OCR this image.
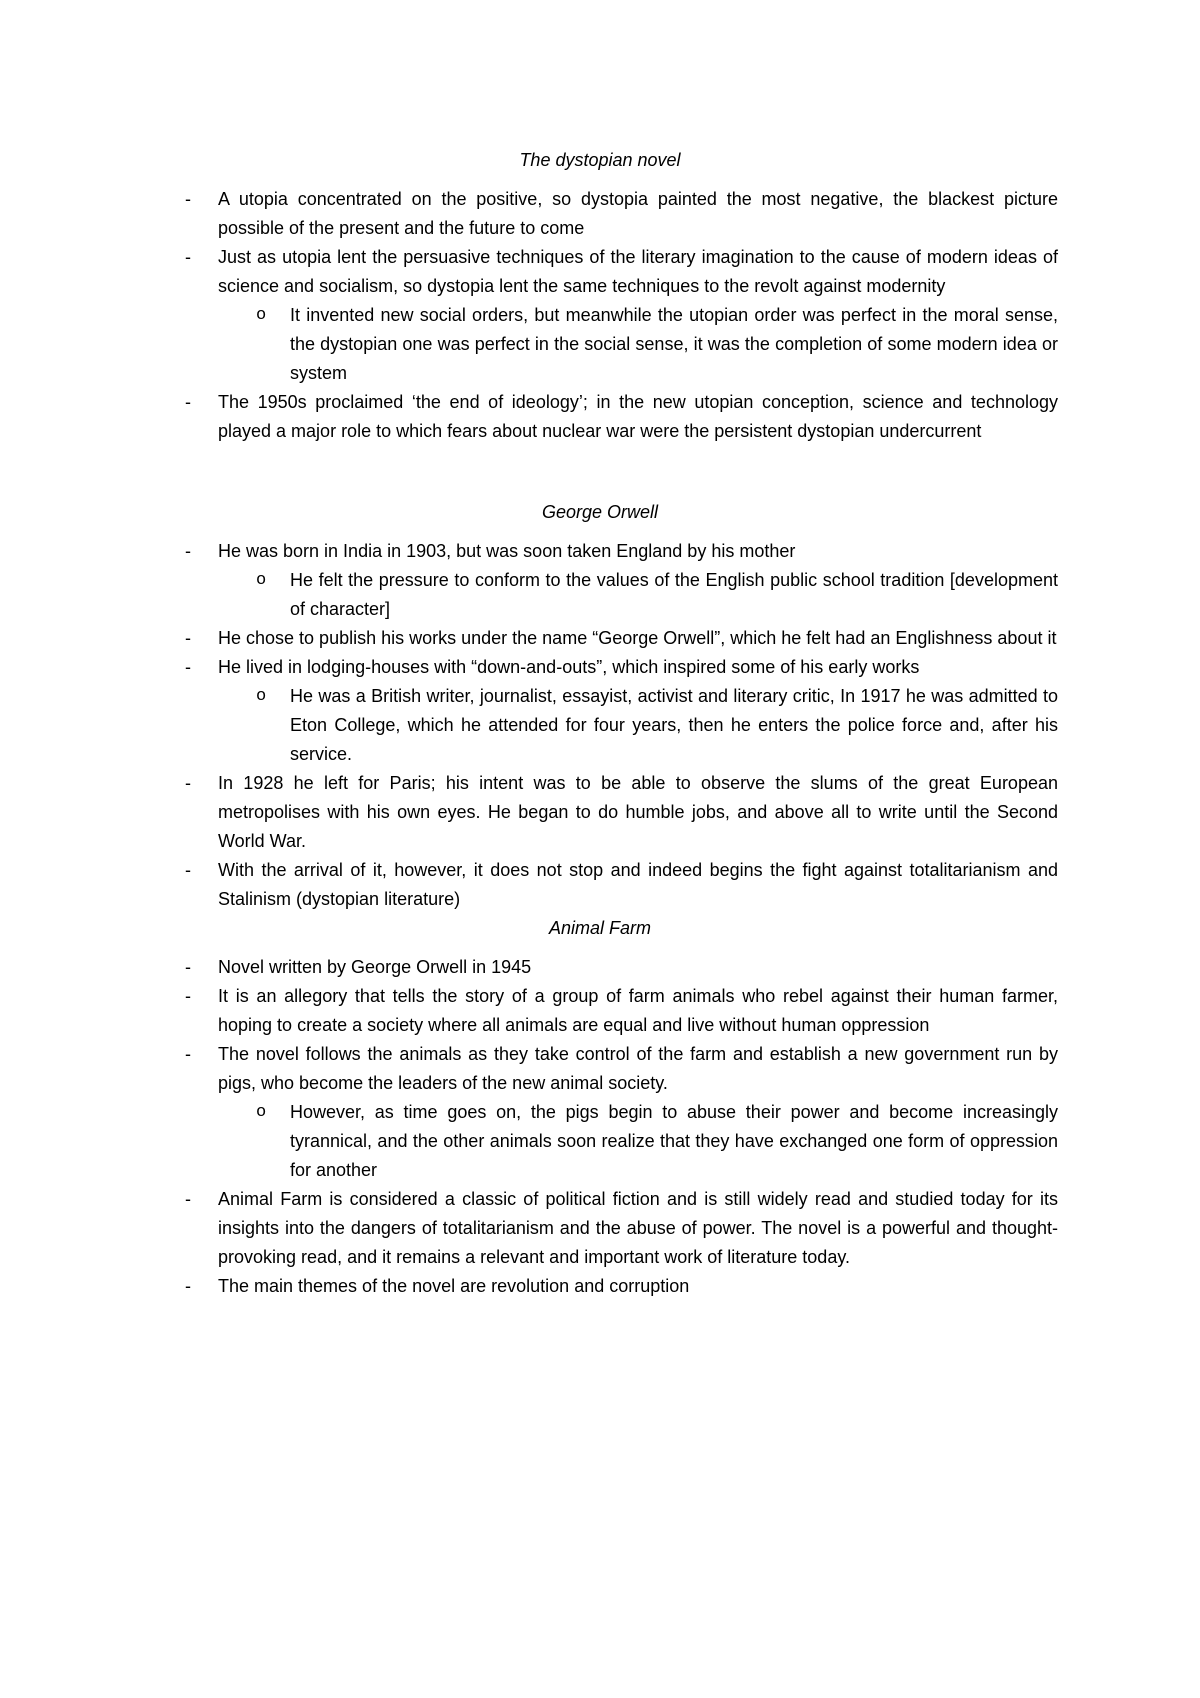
The dystopian novel
- A utopia concentrated on the positive, so dystopia painted the most negative, the blackest picture possible of the present and the future to come
- Just as utopia lent the persuasive techniques of the literary imagination to the cause of modern ideas of science and socialism, so dystopia lent the same techniques to the revolt against modernity
o It invented new social orders, but meanwhile the utopian order was perfect in the moral sense, the dystopian one was perfect in the social sense, it was the completion of some modern idea or system
- The 1950s proclaimed ‘the end of ideology’; in the new utopian conception, science and technology played a major role to which fears about nuclear war were the persistent dystopian undercurrent
George Orwell
- He was born in India in 1903, but was soon taken England by his mother
o He felt the pressure to conform to the values of the English public school tradition [development of character]
- He chose to publish his works under the name “George Orwell”, which he felt had an Englishness about it
- He lived in lodging-houses with “down-and-outs”, which inspired some of his early works
o He was a British writer, journalist, essayist, activist and literary critic, In 1917 he was admitted to Eton College, which he attended for four years, then he enters the police force and, after his service.
- In 1928 he left for Paris; his intent was to be able to observe the slums of the great European metropolises with his own eyes. He began to do humble jobs, and above all to write until the Second World War.
- With the arrival of it, however, it does not stop and indeed begins the fight against totalitarianism and Stalinism (dystopian literature)
Animal Farm
- Novel written by George Orwell in 1945
- It is an allegory that tells the story of a group of farm animals who rebel against their human farmer, hoping to create a society where all animals are equal and live without human oppression
- The novel follows the animals as they take control of the farm and establish a new government run by pigs, who become the leaders of the new animal society.
o However, as time goes on, the pigs begin to abuse their power and become increasingly tyrannical, and the other animals soon realize that they have exchanged one form of oppression for another
- Animal Farm is considered a classic of political fiction and is still widely read and studied today for its insights into the dangers of totalitarianism and the abuse of power. The novel is a powerful and thought-provoking read, and it remains a relevant and important work of literature today.
- The main themes of the novel are revolution and corruption
